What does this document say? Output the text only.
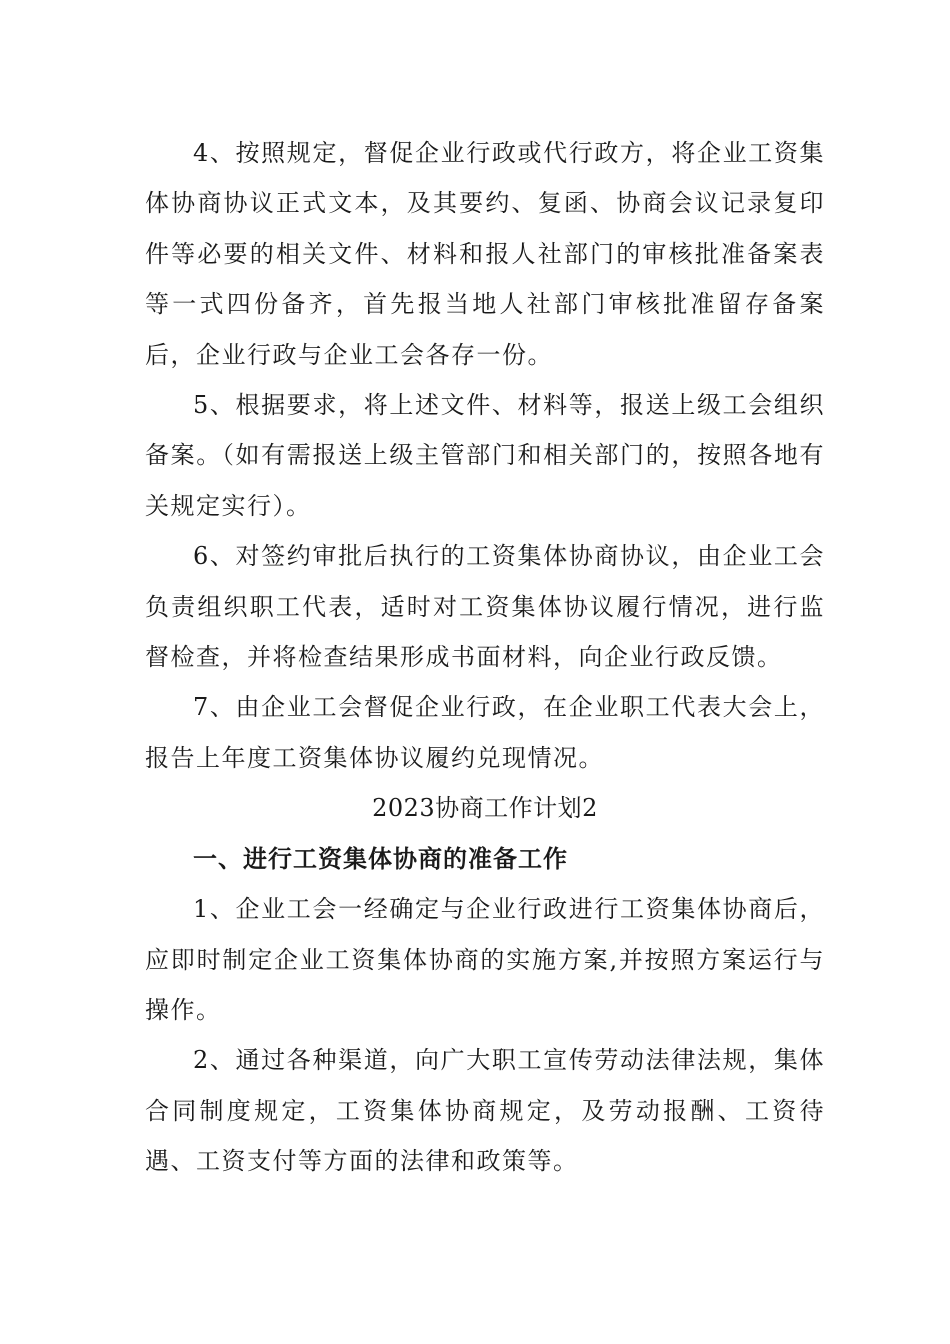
4、按照规定，督促企业行政或代行政方，将企业工资集体协商协议正式文本，及其要约、复函、协商会议记录复印件等必要的相关文件、材料和报人社部门的审核批准备案表等一式四份备齐，首先报当地人社部门审核批准留存备案后，企业行政与企业工会各存一份。

5、根据要求，将上述文件、材料等，报送上级工会组织备案。（如有需报送上级主管部门和相关部门的，按照各地有关规定实行）。

6、对签约审批后执行的工资集体协商协议，由企业工会负责组织职工代表，适时对工资集体协议履行情况，进行监督检查，并将检查结果形成书面材料，向企业行政反馈。

7、由企业工会督促企业行政，在企业职工代表大会上，报告上年度工资集体协议履约兑现情况。

2023协商工作计划2

一、进行工资集体协商的准备工作

1、企业工会一经确定与企业行政进行工资集体协商后，应即时制定企业工资集体协商的实施方案,并按照方案运行与操作。

2、通过各种渠道，向广大职工宣传劳动法律法规，集体合同制度规定，工资集体协商规定，及劳动报酬、工资待遇、工资支付等方面的法律和政策等。
